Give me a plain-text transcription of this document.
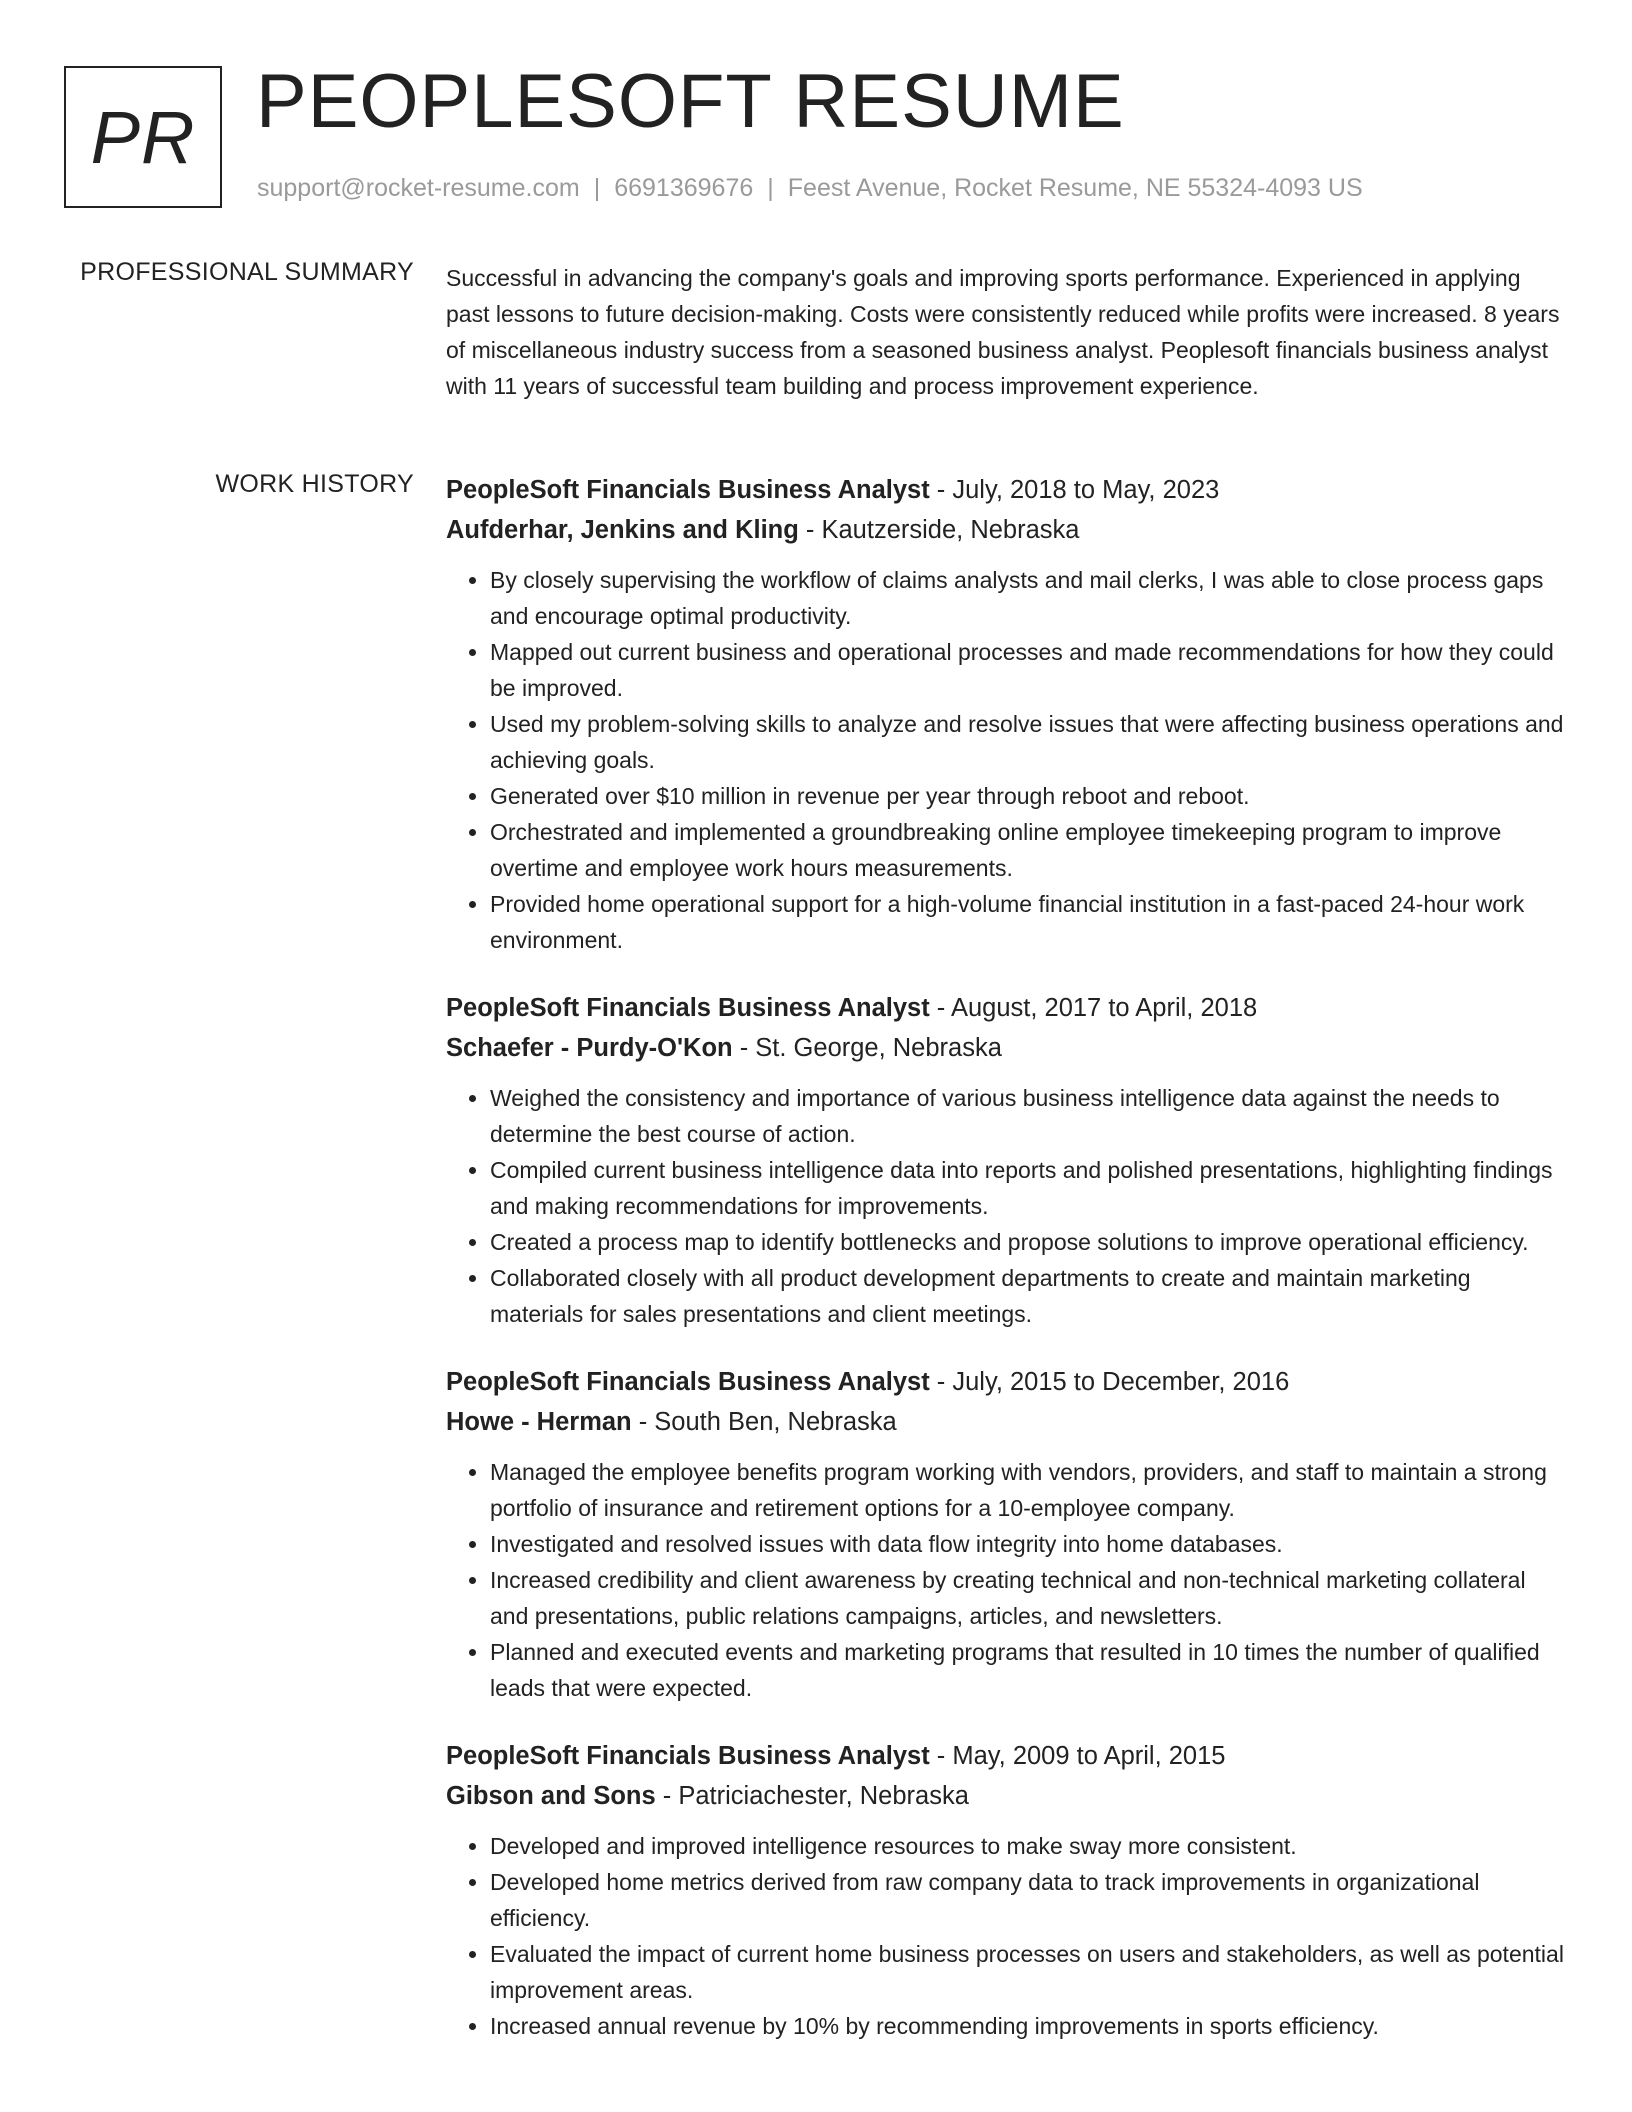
PR PEOPLESOFT RESUME
support@rocket-resume.com | 6691369676 | Feest Avenue, Rocket Resume, NE 55324-4093 US
PROFESSIONAL SUMMARY Successful in advancing the company's goals and improving sports performance. Experienced in applying past lessons to future decision-making. Costs were consistently reduced while profits were increased. 8 years of miscellaneous industry success from a seasoned business analyst. Peoplesoft financials business analyst with 11 years of successful team building and process improvement experience.
WORK HISTORY PeopleSoft Financials Business Analyst - July, 2018 to May, 2023
Aufderhar, Jenkins and Kling - Kautzerside, Nebraska
• By closely supervising the workflow of claims analysts and mail clerks, I was able to close process gaps and encourage optimal productivity.
• Mapped out current business and operational processes and made recommendations for how they could be improved.
• Used my problem-solving skills to analyze and resolve issues that were affecting business operations and achieving goals.
• Generated over $10 million in revenue per year through reboot and reboot.
• Orchestrated and implemented a groundbreaking online employee timekeeping program to improve overtime and employee work hours measurements.
• Provided home operational support for a high-volume financial institution in a fast-paced 24-hour work environment.
PeopleSoft Financials Business Analyst - August, 2017 to April, 2018
Schaefer - Purdy-O'Kon - St. George, Nebraska
• Weighed the consistency and importance of various business intelligence data against the needs to determine the best course of action.
• Compiled current business intelligence data into reports and polished presentations, highlighting findings and making recommendations for improvements.
• Created a process map to identify bottlenecks and propose solutions to improve operational efficiency.
• Collaborated closely with all product development departments to create and maintain marketing materials for sales presentations and client meetings.
PeopleSoft Financials Business Analyst - July, 2015 to December, 2016
Howe - Herman - South Ben, Nebraska
• Managed the employee benefits program working with vendors, providers, and staff to maintain a strong portfolio of insurance and retirement options for a 10-employee company.
• Investigated and resolved issues with data flow integrity into home databases.
• Increased credibility and client awareness by creating technical and non-technical marketing collateral and presentations, public relations campaigns, articles, and newsletters.
• Planned and executed events and marketing programs that resulted in 10 times the number of qualified leads that were expected.
PeopleSoft Financials Business Analyst - May, 2009 to April, 2015
Gibson and Sons - Patriciachester, Nebraska
• Developed and improved intelligence resources to make sway more consistent.
• Developed home metrics derived from raw company data to track improvements in organizational efficiency.
• Evaluated the impact of current home business processes on users and stakeholders, as well as potential improvement areas.
• Increased annual revenue by 10% by recommending improvements in sports efficiency.
